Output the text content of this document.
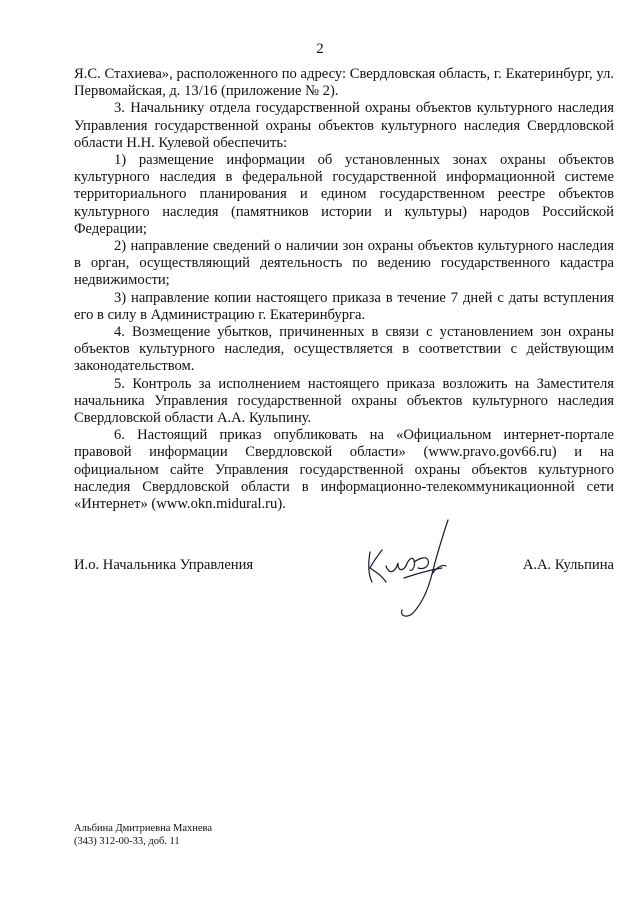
2

Я.С. Стахиева», расположенного по адресу: Свердловская область, г. Екатеринбург, ул. Первомайская, д. 13/16 (приложение № 2).

3. Начальнику отдела государственной охраны объектов культурного наследия Управления государственной охраны объектов культурного наследия Свердловской области Н.Н. Кулевой обеспечить:

1) размещение информации об установленных зонах охраны объектов культурного наследия в федеральной государственной информационной системе территориального планирования и едином государственном реестре объектов культурного наследия (памятников истории и культуры) народов Российской Федерации;

2) направление сведений о наличии зон охраны объектов культурного наследия в орган, осуществляющий деятельность по ведению государственного кадастра недвижимости;

3) направление копии настоящего приказа в течение 7 дней с даты вступления его в силу в Администрацию г. Екатеринбурга.

4. Возмещение убытков, причиненных в связи с установлением зон охраны объектов культурного наследия, осуществляется в соответствии с действующим законодательством.

5. Контроль за исполнением настоящего приказа возложить на Заместителя начальника Управления государственной охраны объектов культурного наследия Свердловской области А.А. Кульпину.

6. Настоящий приказ опубликовать на «Официальном интернет-портале правовой информации Свердловской области» (www.pravo.gov66.ru) и на официальном сайте Управления государственной охраны объектов культурного наследия Свердловской области в информационно-телекоммуникационной сети «Интернет» (www.okn.midural.ru).

И.о. Начальника Управления	А.А. Кульпина
Альбина Дмитриевна Махнева
(343) 312-00-33, доб. 11
